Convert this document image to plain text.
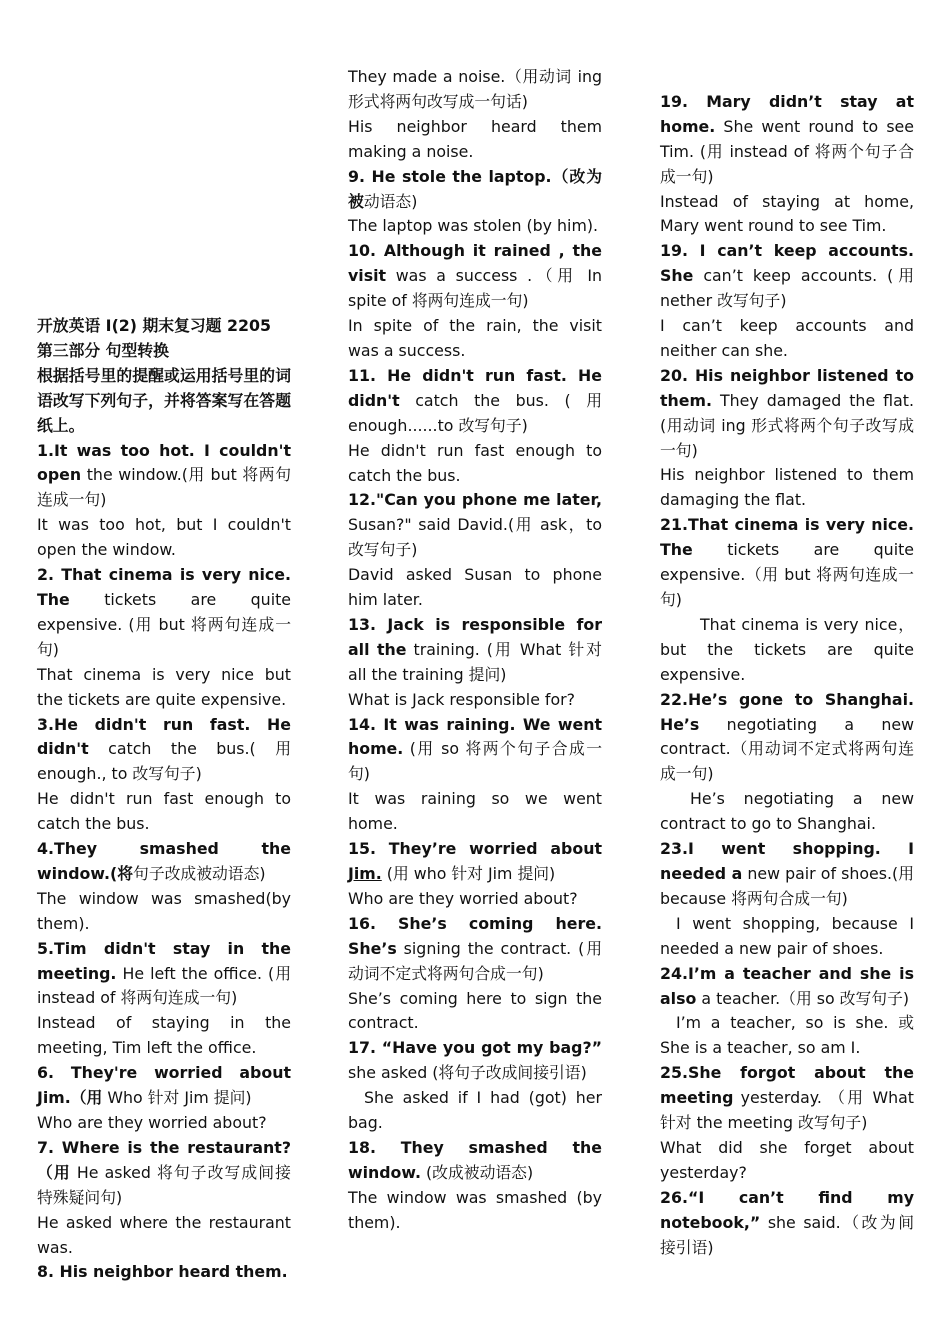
开放英语 I(2) 期末复习题 2205

第三部分 句型转换

根据括号里的提醒或运用括号里的词语改写下列句子，并将答案写在答题纸上。

1.It was too hot. I couldn't open the window.(用 but 将两句连成一句)

It was too hot, but I couldn't open the window.

2. That cinema is very nice. The tickets are quite expensive. (用 but 将两句连成一句)

That cinema is very nice but the tickets are quite expensive.

3.He didn't run fast. He didn't catch the bus.( 用 enough., to 改写句子)

He didn't run fast enough to catch the bus.

4.They smashed the window.(将句子改成被动语态)

The window was smashed(by them).

5.Tim didn't stay in the meeting. He left the office. (用 instead of 将两句连成一句)

Instead of staying in the meeting, Tim left the office.

6. They're worried about Jim.（用 Who 针对 Jim 提问)

Who are they worried about?

7. Where is the restaurant?（用 He asked 将句子改写成间接特殊疑问句)

He asked where the restaurant was.

8. His neighbor heard them.

They made a noise.（用动词 ing 形式将两句改写成一句话)

His neighbor heard them making a noise.

9. He stole the laptop.（改为被动语态)

The laptop was stolen (by him).

10. Although it rained , the visit was a success .（用 In spite of 将两句连成一句)

In spite of the rain, the visit was a success.

11. He didn't run fast. He didn't catch the bus. ( 用 enough......to 改写句子)

He didn't run fast enough to catch the bus.

12."Can you phone me later, Susan?" said David.(用 ask，to 改写句子)

David asked Susan to phone him later.

13. Jack is responsible for all the training. (用 What 针对 all the training 提问)

What is Jack responsible for?

14. It was raining. We went home. (用 so 将两个句子合成一句)

It was raining so we went home.

15. They’re worried about Jim. (用 who 针对 Jim 提问)

Who are they worried about?

16. She’s coming here. She’s signing the contract. (用动词不定式将两句合成一句)

She’s coming here to sign the contract.

17. “Have you got my bag?” she asked (将句子改成间接引语)

She asked if I had (got) her bag.

18. They smashed the window. (改成被动语态)

The window was smashed (by them).

19. Mary didn’t stay at home. She went round to see Tim. (用 instead of 将两个句子合成一句)

Instead of staying at home, Mary went round to see Tim.

19. I can’t keep accounts. She can’t keep accounts. (用 nether 改写句子)

I can’t keep accounts and neither can she.

20. His neighbor listened to them. They damaged the flat. (用动词 ing 形式将两个句子改写成一句)

His neighbor listened to them damaging the flat.

21.That cinema is very nice. The tickets are quite expensive.（用 but 将两句连成一句)

That cinema is very nice，but the tickets are quite expensive.

22.He’s gone to Shanghai. He’s negotiating a new contract.（用动词不定式将两句连成一句)

He’s negotiating a new contract to go to Shanghai.

23.I went shopping. I needed a new pair of shoes.(用 because 将两句合成一句)

I went shopping, because I needed a new pair of shoes.

24.I’m a teacher and she is also a teacher.（用 so 改写句子)

I’m a teacher, so is she. 或 She is a teacher, so am I.

25.She forgot about the meeting yesterday. （用 What 针对 the meeting 改写句子)

What did she forget about yesterday?

26.“I can’t find my notebook,” she said.（改为间接引语)
